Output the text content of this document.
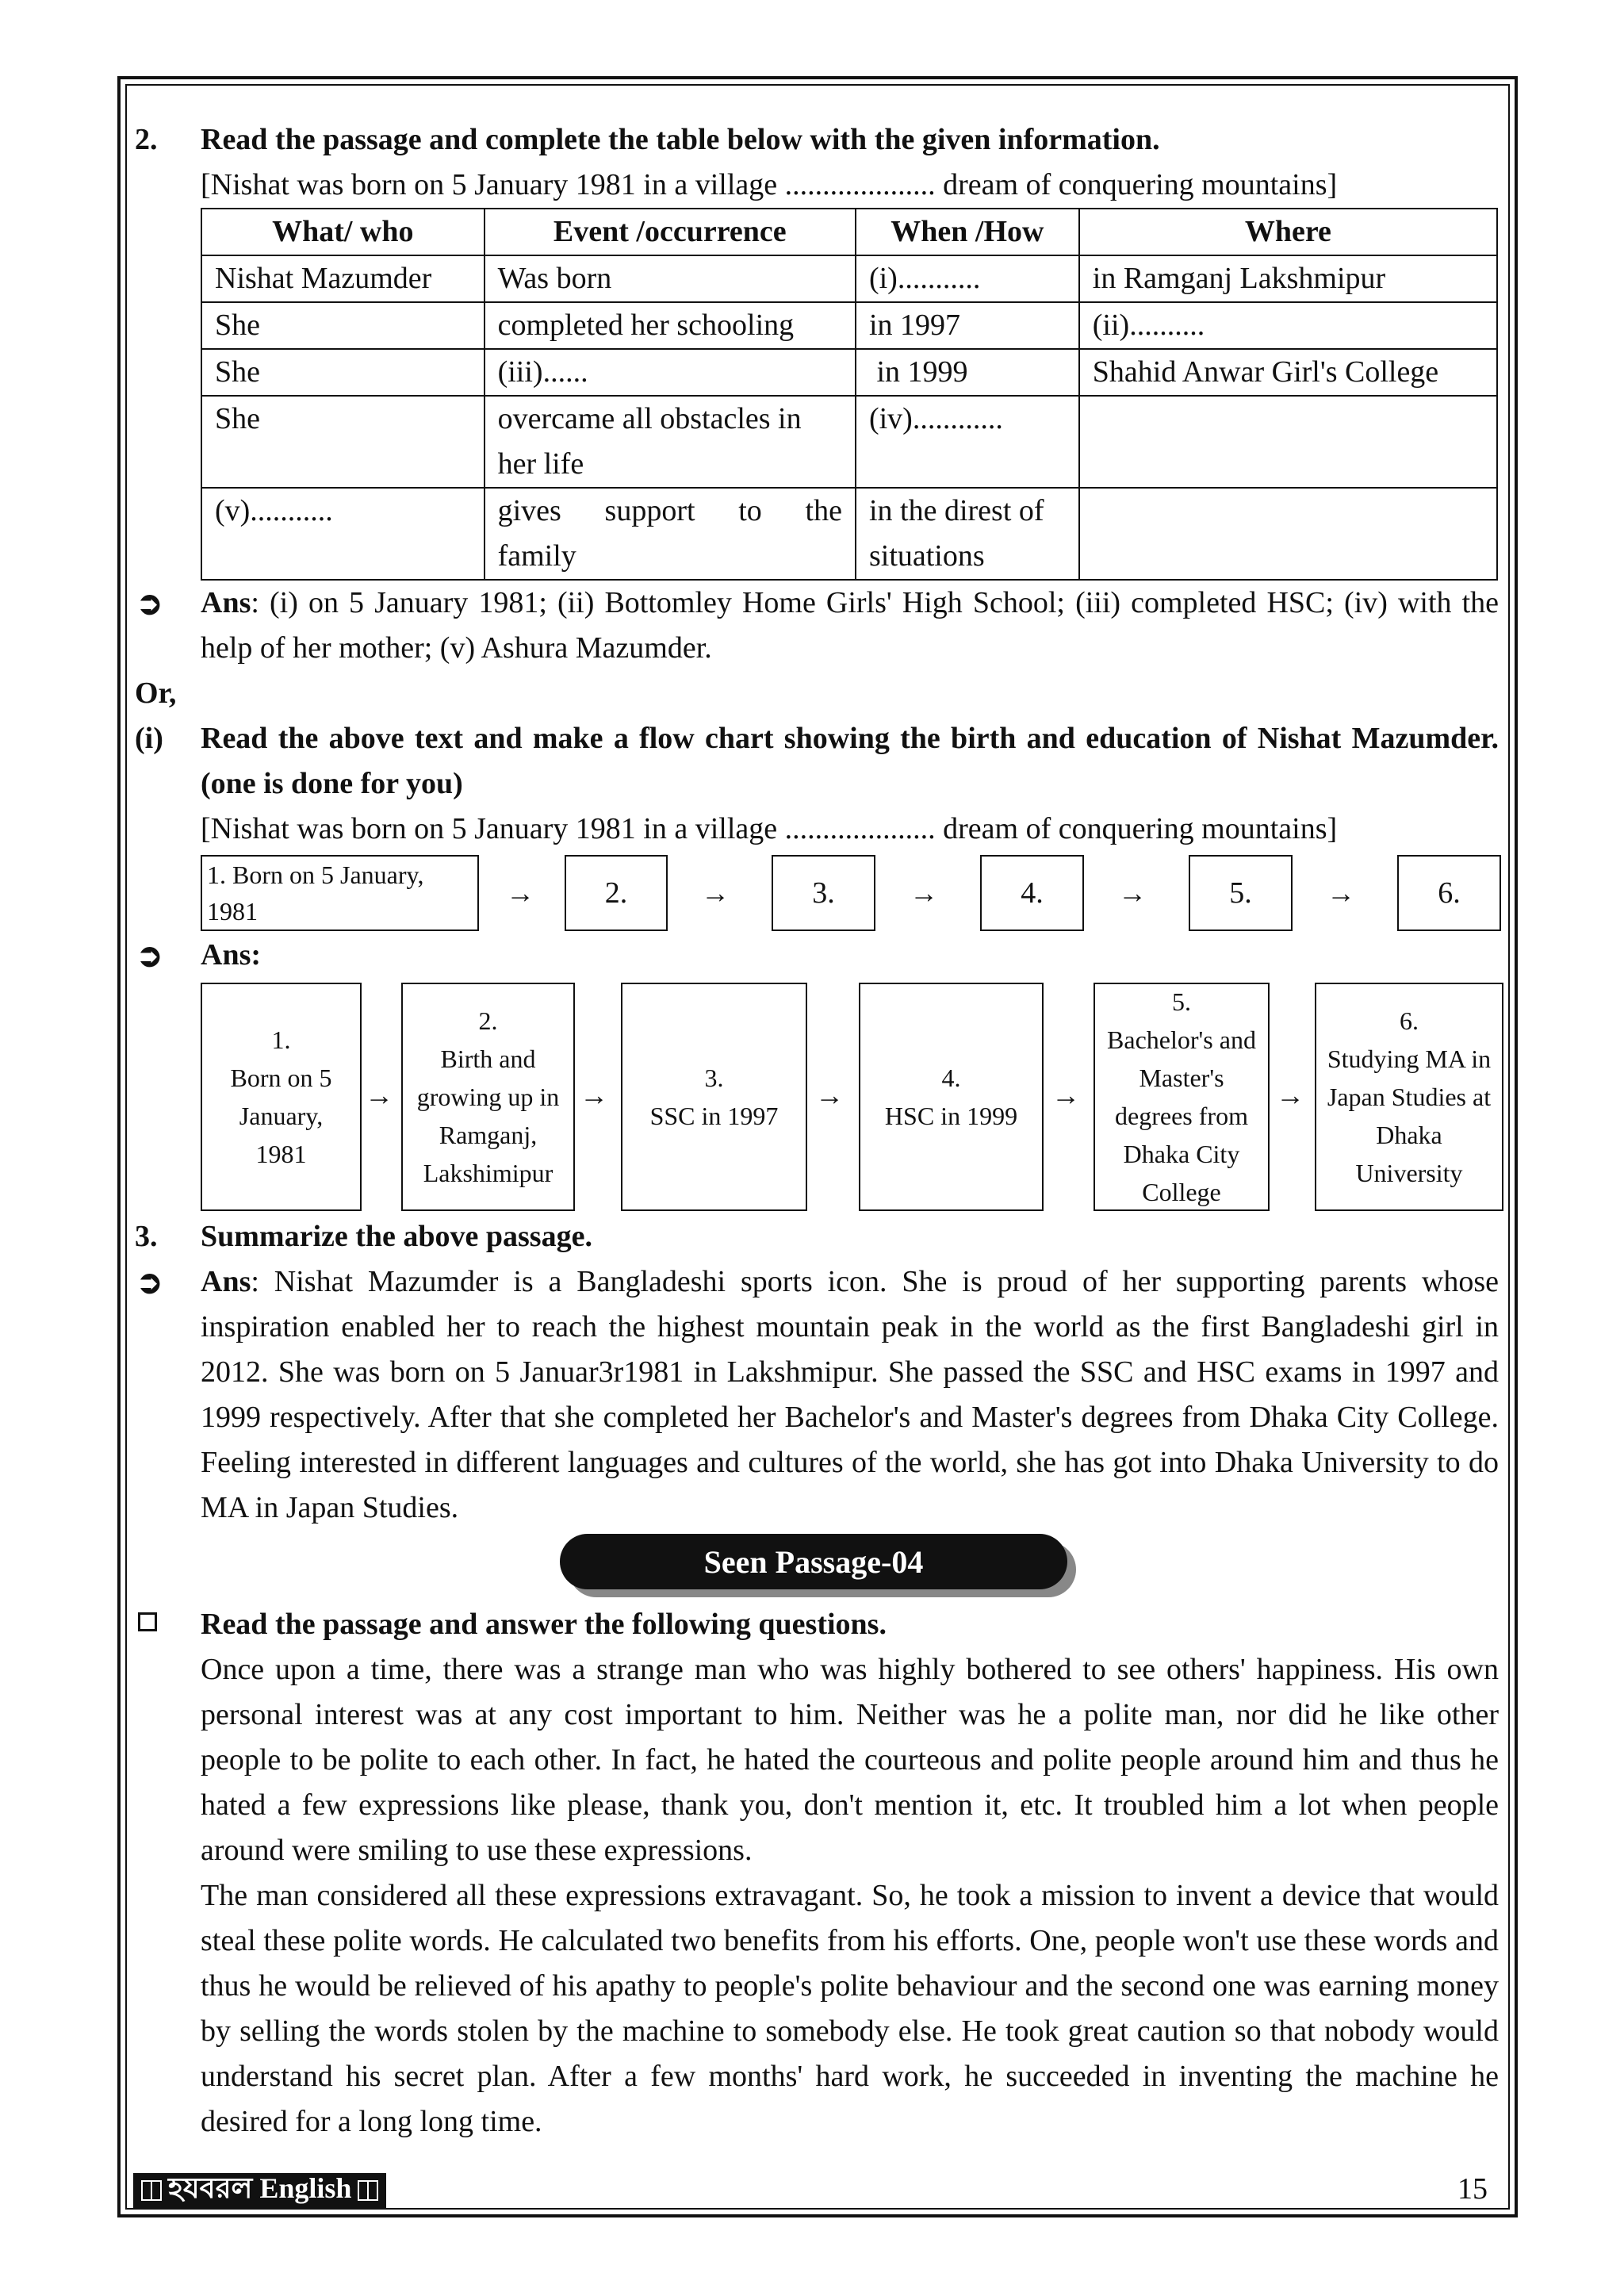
2. Read the passage and complete the table below with the given information.
[Nishat was born on 5 January 1981 in a village .................... dream of conquering mountains]
What/ who	Event /occurrence	When /How	Where
Nishat Mazumder	Was born	(i)...........	in Ramganj Lakshmipur
She	completed her schooling	in 1997	(ii)..........
She	(iii)......	in 1999	Shahid Anwar Girl's College
She	overcame all obstacles in her life	(iv)............	
(v)...........	gives support to the family	in the direst of situations	
➲ Ans: (i) on 5 January 1981; (ii) Bottomley Home Girls' High School; (iii) completed HSC; (iv) with the help of her mother; (v) Ashura Mazumder.
Or,
(i) Read the above text and make a flow chart showing the birth and education of Nishat Mazumder.(one is done for you)
[Nishat was born on 5 January 1981 in a village .................... dream of conquering mountains]
1. Born on 5 January, 1981
→ 2.	→	3.	→	4.	→	5.	→	6.
➲ Ans:
1.
Born on 5
January,
1981
→
2.
Birth and
growing up in
Ramganj,
Lakshimipur
→
3.
SSC in 1997
→
4.
HSC in 1999
→
5.
Bachelor's and
Master's
degrees from
Dhaka City
College
→
6.
Studying MA in
Japan Studies at
Dhaka
University
3. Summarize the above passage.
➲ Ans: Nishat Mazumder is a Bangladeshi sports icon. She is proud of her supporting parents whose inspiration enabled her to reach the highest mountain peak in the world as the first Bangladeshi girl in 2012. She was born on 5 Januar3r1981 in Lakshmipur. She passed the SSC and HSC exams in 1997 and 1999 respectively. After that she completed her Bachelor's and Master's degrees from Dhaka City College. Feeling interested in different languages and cultures of the world, she has got into Dhaka University to do MA in Japan Studies.
Seen Passage-04
Read the passage and answer the following questions.
Once upon a time, there was a strange man who was highly bothered to see others' happiness. His own personal interest was at any cost important to him. Neither was he a polite man, nor did he like other people to be polite to each other. In fact, he hated the courteous and polite people around him and thus he hated a few expressions like please, thank you, don't mention it, etc. It troubled him a lot when people around were smiling to use these expressions.
The man considered all these expressions extravagant. So, he took a mission to invent a device that would steal these polite words. He calculated two benefits from his efforts. One, people won't use these words and thus he would be relieved of his apathy to people's polite behaviour and the second one was earning money by selling the words stolen by the machine to somebody else. He took great caution so that nobody would understand his secret plan. After a few months' hard work, he succeeded in inventing the machine he desired for a long long time.
হযবরল English	15
